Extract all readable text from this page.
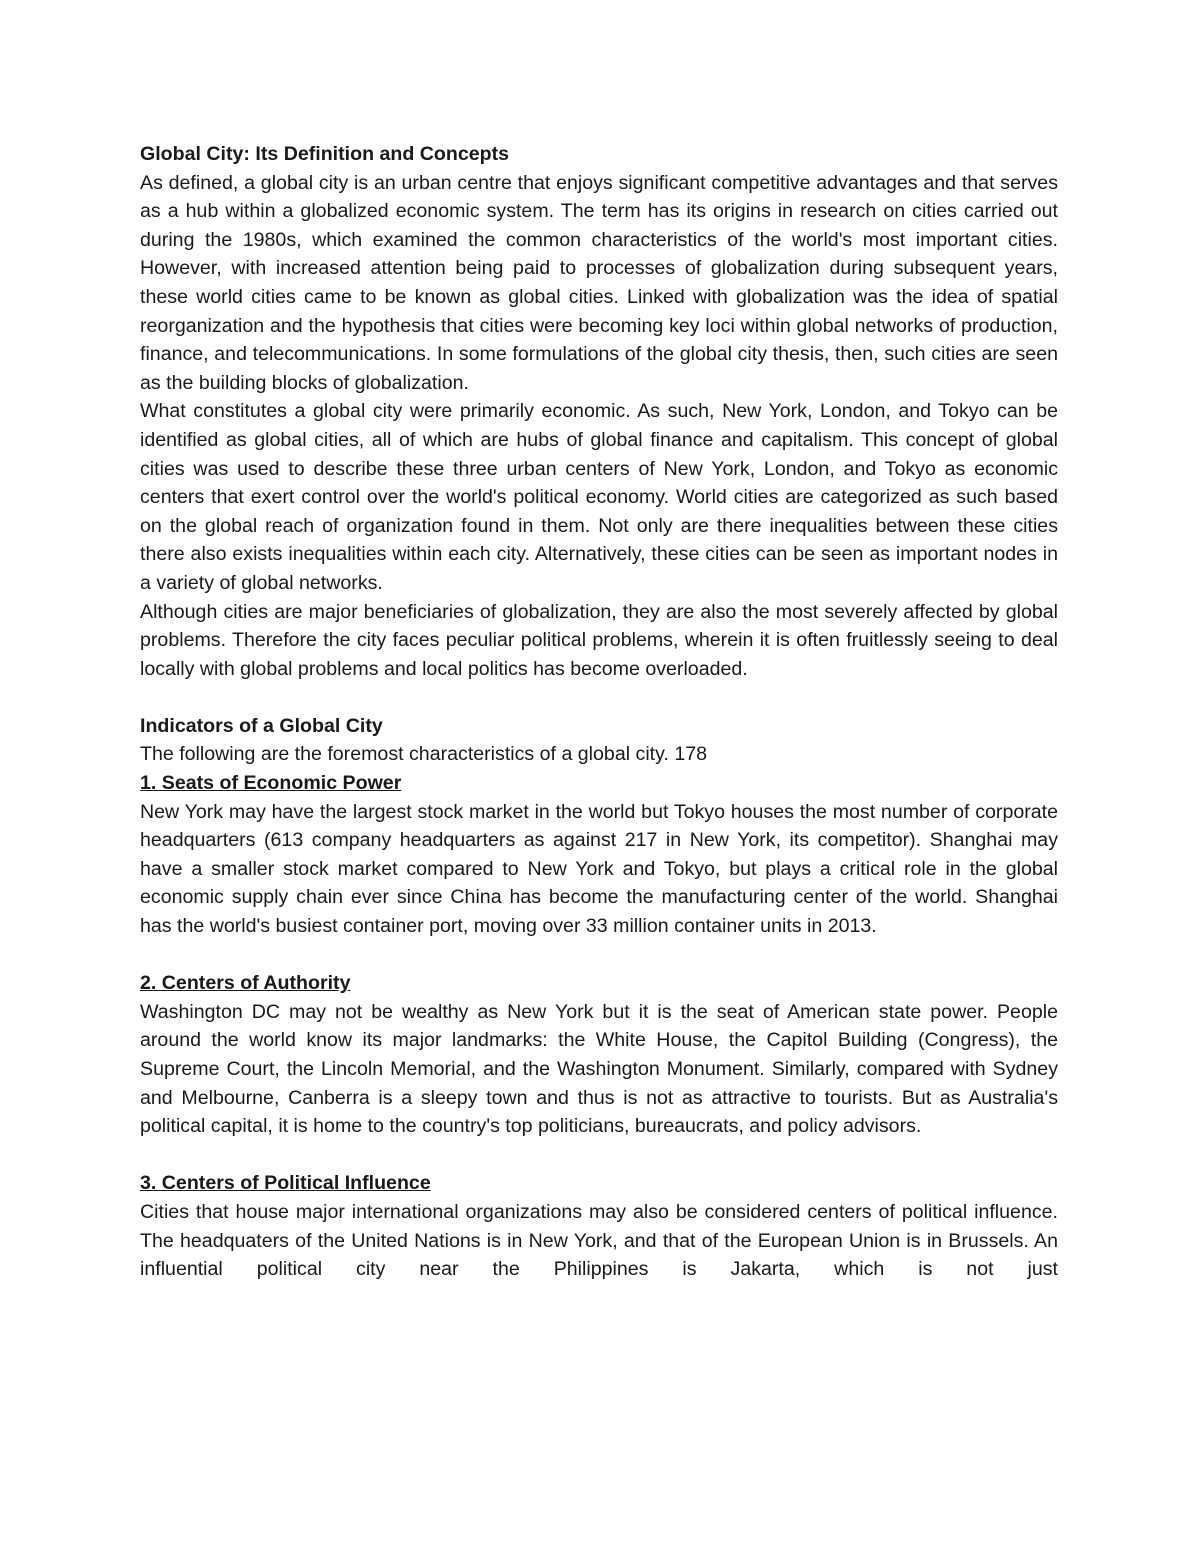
Global City: Its Definition and Concepts

As defined, a global city is an urban centre that enjoys significant competitive advantages and that serves as a hub within a globalized economic system. The term has its origins in research on cities carried out during the 1980s, which examined the common characteristics of the world's most important cities. However, with increased attention being paid to processes of globalization during subsequent years, these world cities came to be known as global cities. Linked with globalization was the idea of spatial reorganization and the hypothesis that cities were becoming key loci within global networks of production, finance, and telecommunications. In some formulations of the global city thesis, then, such cities are seen as the building blocks of globalization.

What constitutes a global city were primarily economic. As such, New York, London, and Tokyo can be identified as global cities, all of which are hubs of global finance and capitalism. This concept of global cities was used to describe these three urban centers of New York, London, and Tokyo as economic centers that exert control over the world's political economy. World cities are categorized as such based on the global reach of organization found in them. Not only are there inequalities between these cities there also exists inequalities within each city. Alternatively, these cities can be seen as important nodes in a variety of global networks.

Although cities are major beneficiaries of globalization, they are also the most severely affected by global problems. Therefore the city faces peculiar political problems, wherein it is often fruitlessly seeing to deal locally with global problems and local politics has become overloaded.

Indicators of a Global City

The following are the foremost characteristics of a global city. 178

1. Seats of Economic Power

New York may have the largest stock market in the world but Tokyo houses the most number of corporate headquarters (613 company headquarters as against 217 in New York, its competitor). Shanghai may have a smaller stock market compared to New York and Tokyo, but plays a critical role in the global economic supply chain ever since China has become the manufacturing center of the world. Shanghai has the world's busiest container port, moving over 33 million container units in 2013.

2. Centers of Authority

Washington DC may not be wealthy as New York but it is the seat of American state power. People around the world know its major landmarks: the White House, the Capitol Building (Congress), the Supreme Court, the Lincoln Memorial, and the Washington Monument. Similarly, compared with Sydney and Melbourne, Canberra is a sleepy town and thus is not as attractive to tourists. But as Australia's political capital, it is home to the country's top politicians, bureaucrats, and policy advisors.

3. Centers of Political Influence

Cities that house major international organizations may also be considered centers of political influence. The headquaters of the United Nations is in New York, and that of the European Union is in Brussels. An influential political city near the Philippines is Jakarta, which is not just
